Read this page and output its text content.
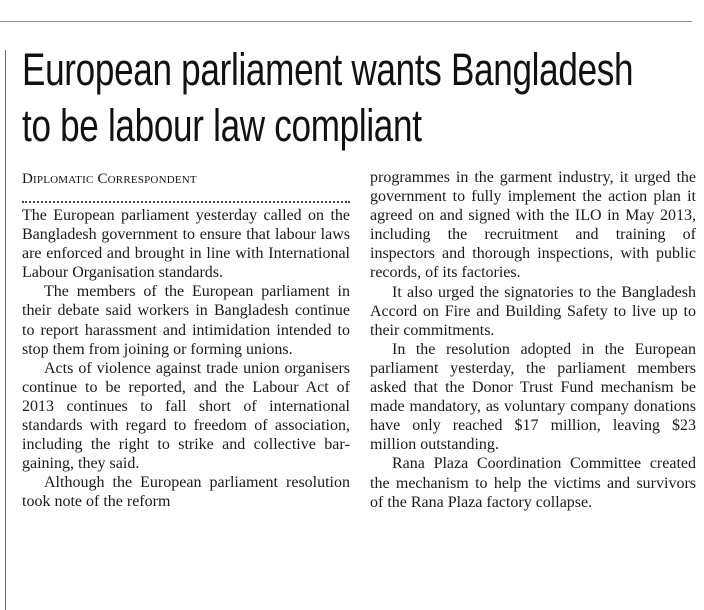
European parliament wants Bangladesh
to be labour law compliant
Diplomatic Correspondent

The European parliament yesterday called on the Bangladesh government to ensure that labour laws are enforced and brought in line with International Labour Organisation standards.

The members of the European parliament in their debate said workers in Bangladesh continue to report harassment and intimidation intended to stop them from joining or forming unions.

Acts of violence against trade union organisers continue to be reported, and the Labour Act of 2013 continues to fall short of international standards with regard to freedom of association, including the right to strike and collective bargaining, they said.

Although the European parliament resolution took note of the reform

programmes in the garment industry, it urged the government to fully implement the action plan it agreed on and signed with the ILO in May 2013, including the recruitment and training of inspectors and thorough inspections, with public records, of its factories.

It also urged the signatories to the Bangladesh Accord on Fire and Building Safety to live up to their commitments.

In the resolution adopted in the European parliament yesterday, the parliament members asked that the Donor Trust Fund mechanism be made mandatory, as voluntary company donations have only reached $17 million, leaving $23 million outstanding.

Rana Plaza Coordination Committee created the mechanism to help the victims and survivors of the Rana Plaza factory collapse.
